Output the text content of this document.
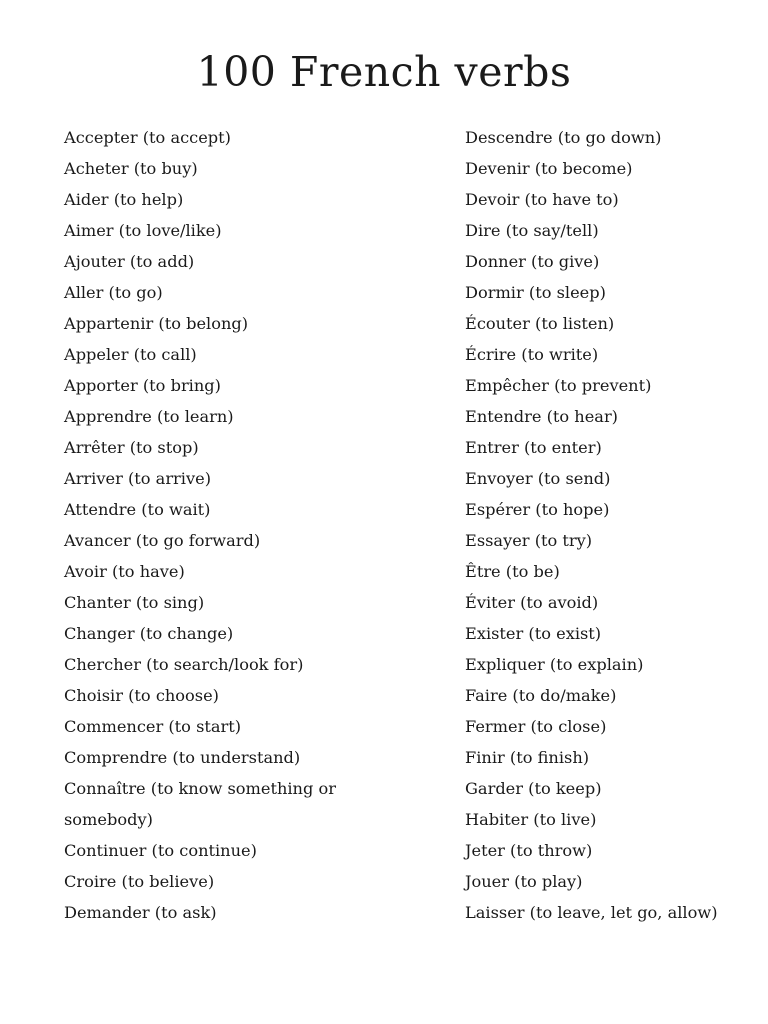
100 French verbs
Accepter (to accept)
Acheter (to buy)
Aider (to help)
Aimer (to love/like)
Ajouter (to add)
Aller (to go)
Appartenir (to belong)
Appeler (to call)
Apporter (to bring)
Apprendre (to learn)
Arrêter (to stop)
Arriver (to arrive)
Attendre (to wait)
Avancer (to go forward)
Avoir (to have)
Chanter (to sing)
Changer (to change)
Chercher (to search/look for)
Choisir (to choose)
Commencer (to start)
Comprendre (to understand)
Connaître (to know something or somebody)
Continuer (to continue)
Croire (to believe)
Demander (to ask)
Descendre (to go down)
Devenir (to become)
Devoir (to have to)
Dire (to say/tell)
Donner (to give)
Dormir (to sleep)
Écouter (to listen)
Écrire (to write)
Empêcher (to prevent)
Entendre (to hear)
Entrer (to enter)
Envoyer (to send)
Espérer (to hope)
Essayer (to try)
Être (to be)
Éviter (to avoid)
Exister (to exist)
Expliquer (to explain)
Faire (to do/make)
Fermer (to close)
Finir (to finish)
Garder (to keep)
Habiter (to live)
Jeter (to throw)
Jouer (to play)
Laisser (to leave, let go, allow)
